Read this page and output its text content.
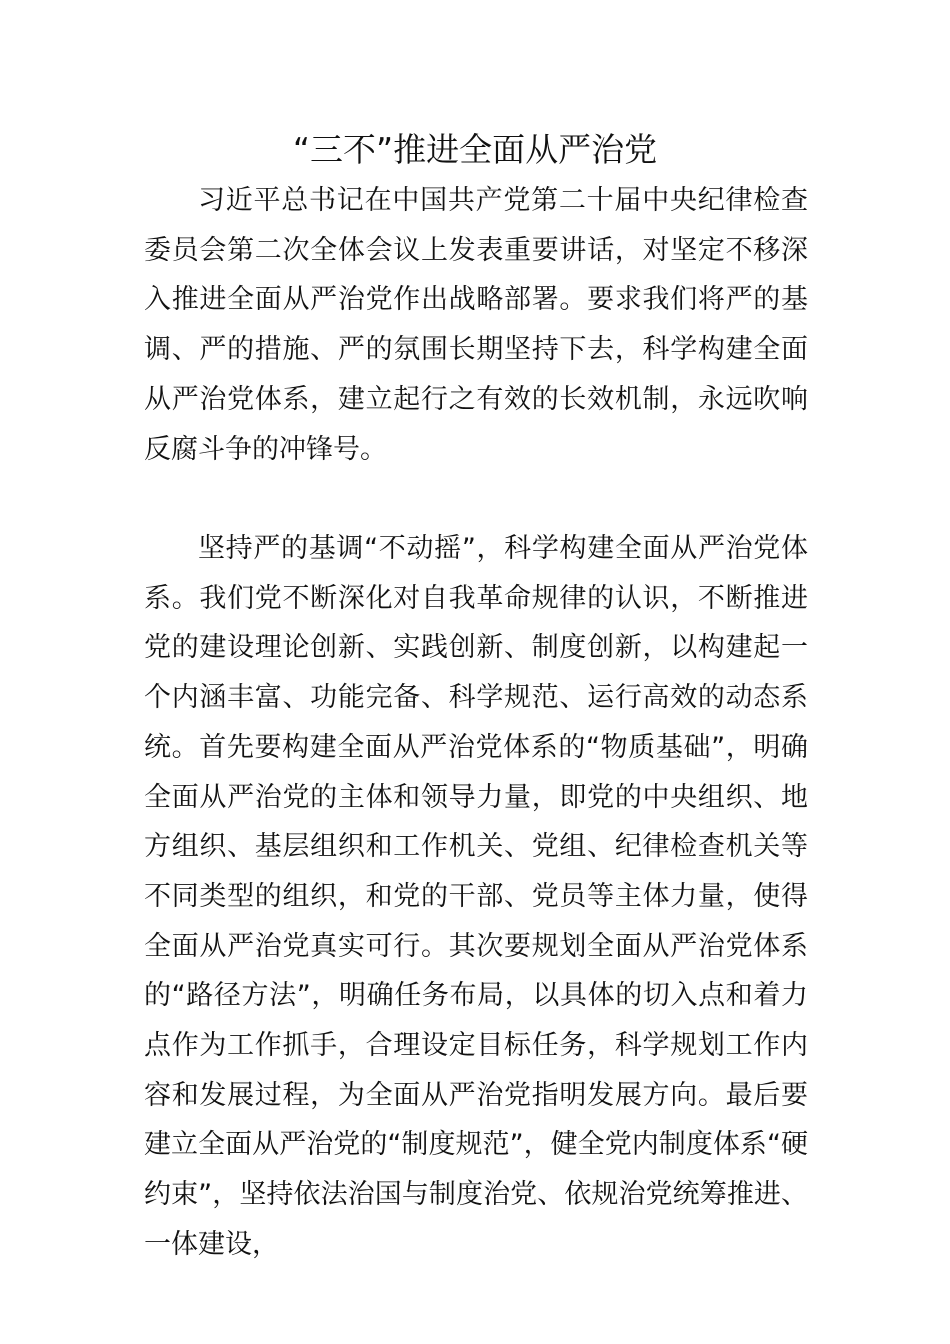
“三不”推进全面从严治党

习近平总书记在中国共产党第二十届中央纪律检查委员会第二次全体会议上发表重要讲话，对坚定不移深入推进全面从严治党作出战略部署。要求我们将严的基调、严的措施、严的氛围长期坚持下去，科学构建全面从严治党体系，建立起行之有效的长效机制，永远吹响反腐斗争的冲锋号。

坚持严的基调“不动摇”，科学构建全面从严治党体系。我们党不断深化对自我革命规律的认识，不断推进党的建设理论创新、实践创新、制度创新，以构建起一个内涵丰富、功能完备、科学规范、运行高效的动态系统。首先要构建全面从严治党体系的“物质基础”，明确全面从严治党的主体和领导力量，即党的中央组织、地方组织、基层组织和工作机关、党组、纪律检查机关等不同类型的组织，和党的干部、党员等主体力量，使得全面从严治党真实可行。其次要规划全面从严治党体系的“路径方法”，明确任务布局，以具体的切入点和着力点作为工作抓手，合理设定目标任务，科学规划工作内容和发展过程，为全面从严治党指明发展方向。最后要建立全面从严治党的“制度规范”，健全党内制度体系“硬约束”，坚持依法治国与制度治党、依规治党统筹推进、一体建设，
